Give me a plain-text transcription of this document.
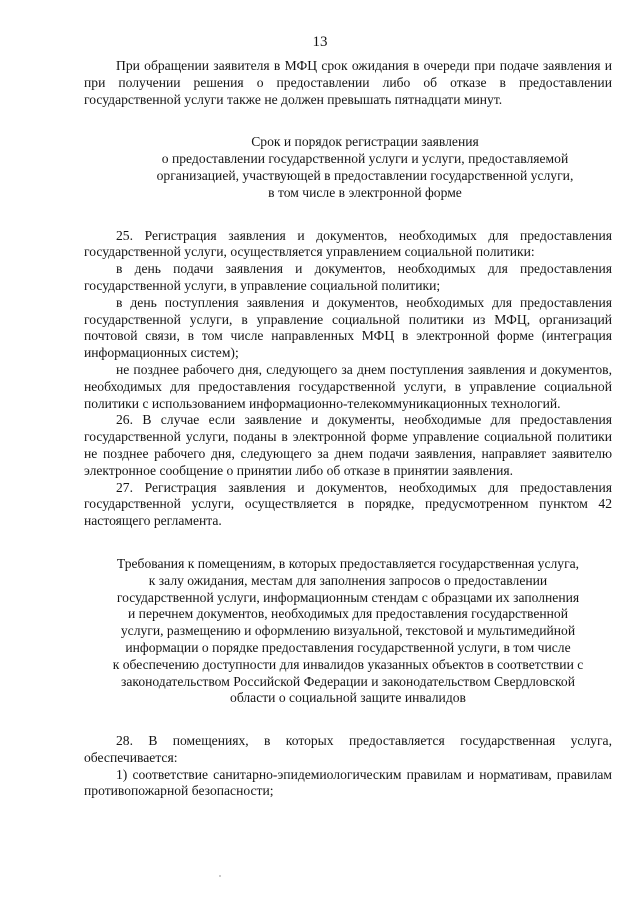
13

При обращении заявителя в МФЦ срок ожидания в очереди при подаче заявления и при получении решения о предоставлении либо об отказе в предоставлении государственной услуги также не должен превышать пятнадцати минут.

Срок и порядок регистрации заявления
о предоставлении государственной услуги и услуги, предоставляемой
организацией, участвующей в предоставлении государственной услуги,
в том числе в электронной форме

25. Регистрация заявления и документов, необходимых для предоставления государственной услуги, осуществляется управлением социальной политики:

в день подачи заявления и документов, необходимых для предоставления государственной услуги, в управление социальной политики;

в день поступления заявления и документов, необходимых для предоставления государственной услуги, в управление социальной политики из МФЦ, организаций почтовой связи, в том числе направленных МФЦ в электронной форме (интеграция информационных систем);

не позднее рабочего дня, следующего за днем поступления заявления и документов, необходимых для предоставления государственной услуги, в управление социальной политики с использованием информационно-телекоммуникационных технологий.

26. В случае если заявление и документы, необходимые для предоставления государственной услуги, поданы в электронной форме управление социальной политики не позднее рабочего дня, следующего за днем подачи заявления, направляет заявителю электронное сообщение о принятии либо об отказе в принятии заявления.

27. Регистрация заявления и документов, необходимых для предоставления государственной услуги, осуществляется в порядке, предусмотренном пунктом 42 настоящего регламента.

Требования к помещениям, в которых предоставляется государственная услуга,
к залу ожидания, местам для заполнения запросов о предоставлении
государственной услуги, информационным стендам с образцами их заполнения
и перечнем документов, необходимых для предоставления государственной
услуги, размещению и оформлению визуальной, текстовой и мультимедийной
информации о порядке предоставления государственной услуги, в том числе
к обеспечению доступности для инвалидов указанных объектов в соответствии с
законодательством Российской Федерации и законодательством Свердловской
области о социальной защите инвалидов

28. В помещениях, в которых предоставляется государственная услуга, обеспечивается:

1) соответствие санитарно-эпидемиологическим правилам и нормативам, правилам противопожарной безопасности;
